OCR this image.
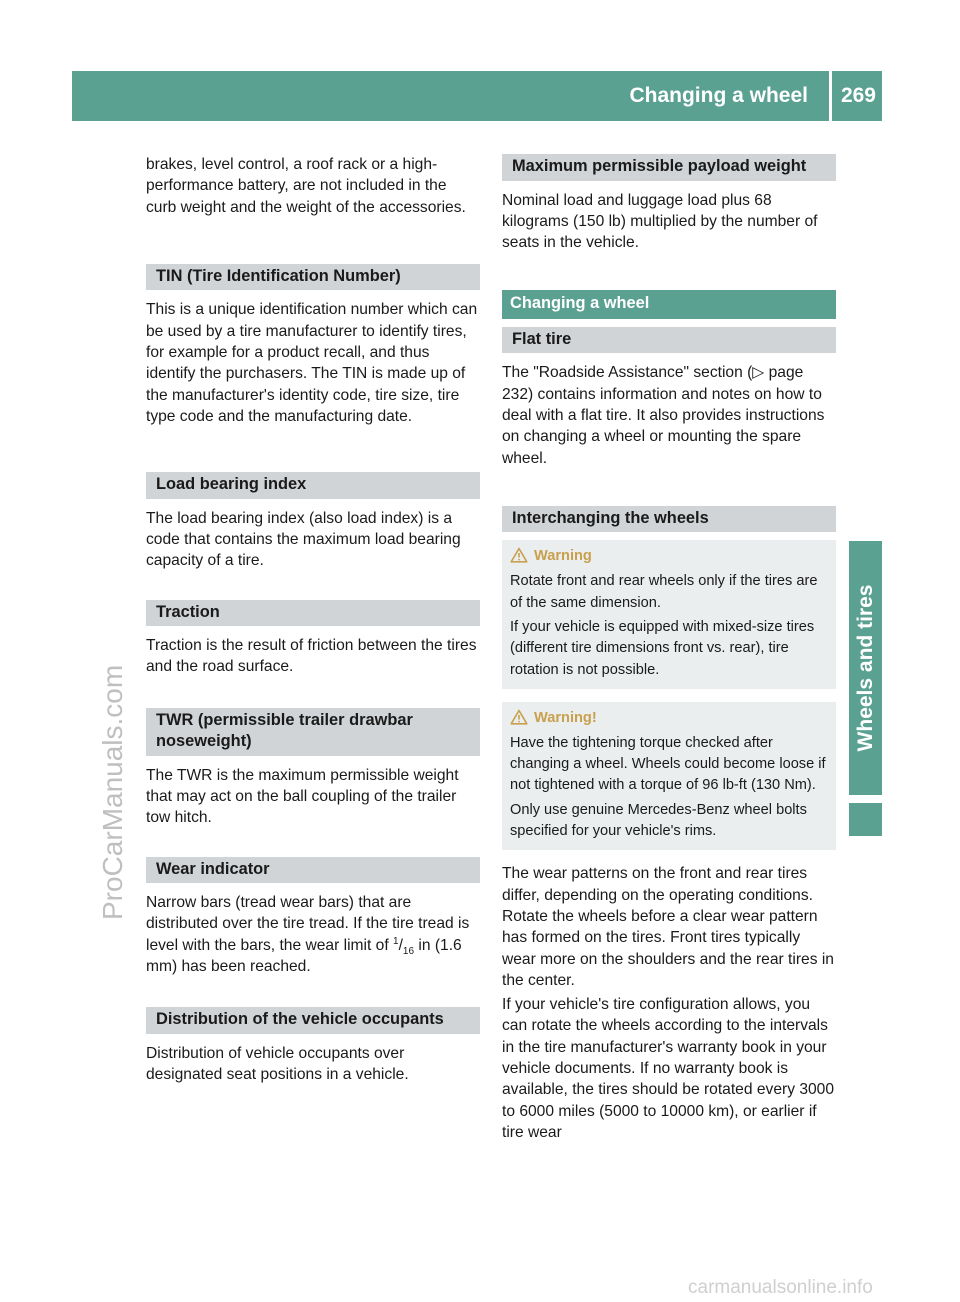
Changing a wheel	269
Wheels and tires
ProCarManuals.com

brakes, level control, a roof rack or a high-performance battery, are not included in the curb weight and the weight of the accessories.

TIN (Tire Identification Number)

This is a unique identification number which can be used by a tire manufacturer to identify tires, for example for a product recall, and thus identify the purchasers. The TIN is made up of the manufacturer's identity code, tire size, tire type code and the manufacturing date.

Load bearing index

The load bearing index (also load index) is a code that contains the maximum load bearing capacity of a tire.

Traction

Traction is the result of friction between the tires and the road surface.

TWR (permissible trailer drawbar noseweight)

The TWR is the maximum permissible weight that may act on the ball coupling of the trailer tow hitch.

Wear indicator

Narrow bars (tread wear bars) that are distributed over the tire tread. If the tire tread is level with the bars, the wear limit of $^1/_{16}$ in (1.6 mm) has been reached.

Distribution of the vehicle occupants

Distribution of vehicle occupants over designated seat positions in a vehicle.

Maximum permissible payload weight

Nominal load and luggage load plus 68 kilograms (150 lb) multiplied by the number of seats in the vehicle.

Changing a wheel
Flat tire

The "Roadside Assistance" section (▷ page 232) contains information and notes on how to deal with a flat tire. It also provides instructions on changing a wheel or mounting the spare wheel.

Interchanging the wheels
Warning

Rotate front and rear wheels only if the tires are of the same dimension.

If your vehicle is equipped with mixed-size tires (different tire dimensions front vs. rear), tire rotation is not possible.

Warning!

Have the tightening torque checked after changing a wheel. Wheels could become loose if not tightened with a torque of 96 lb-ft (130 Nm).

Only use genuine Mercedes-Benz wheel bolts specified for your vehicle's rims.

The wear patterns on the front and rear tires differ, depending on the operating conditions. Rotate the wheels before a clear wear pattern has formed on the tires. Front tires typically wear more on the shoulders and the rear tires in the center.

If your vehicle's tire configuration allows, you can rotate the wheels according to the intervals in the tire manufacturer's warranty book in your vehicle documents. If no warranty book is available, the tires should be rotated every 3000 to 6000 miles (5000 to 10000 km), or earlier if tire wear

carmanualsonline.info
